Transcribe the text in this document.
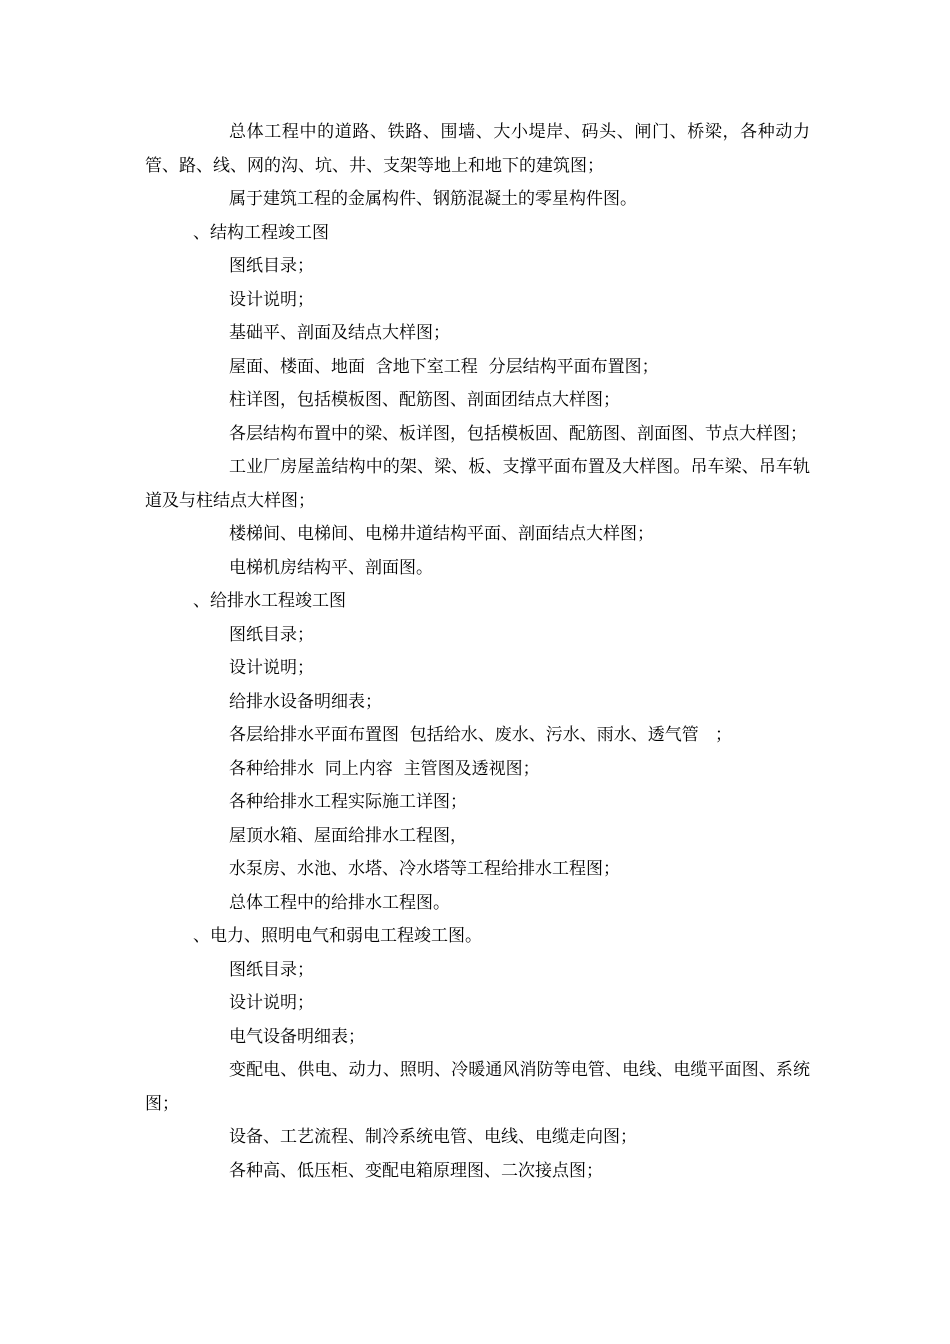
总体工程中的道路、铁路、围墙、大小堤岸、码头、闸门、桥梁，各种动力管、路、线、网的沟、坑、井、支架等地上和地下的建筑图；

属于建筑工程的金属构件、钢筋混凝土的零星构件图。

、结构工程竣工图

图纸目录；

设计说明；

基础平、剖面及结点大样图；

屋面、楼面、地面  含地下室工程  分层结构平面布置图；

柱详图，包括模板图、配筋图、剖面团结点大样图；

各层结构布置中的梁、板详图，包括模板固、配筋图、剖面图、节点大样图；

工业厂房屋盖结构中的架、梁、板、支撑平面布置及大样图。吊车梁、吊车轨道及与柱结点大样图；

楼梯间、电梯间、电梯井道结构平面、剖面结点大样图；

电梯机房结构平、剖面图。

、给排水工程竣工图

图纸目录；

设计说明；

给排水设备明细表；

各层给排水平面布置图  包括给水、废水、污水、雨水、透气管   ；

各种给排水  同上内容  主管图及透视图；

各种给排水工程实际施工详图；

屋顶水箱、屋面给排水工程图，

水泵房、水池、水塔、冷水塔等工程给排水工程图；

总体工程中的给排水工程图。

、电力、照明电气和弱电工程竣工图。

图纸目录；

设计说明；

电气设备明细表；

变配电、供电、动力、照明、冷暖通风消防等电管、电线、电缆平面图、系统图；

设备、工艺流程、制冷系统电管、电线、电缆走向图；

各种高、低压柜、变配电箱原理图、二次接点图；
